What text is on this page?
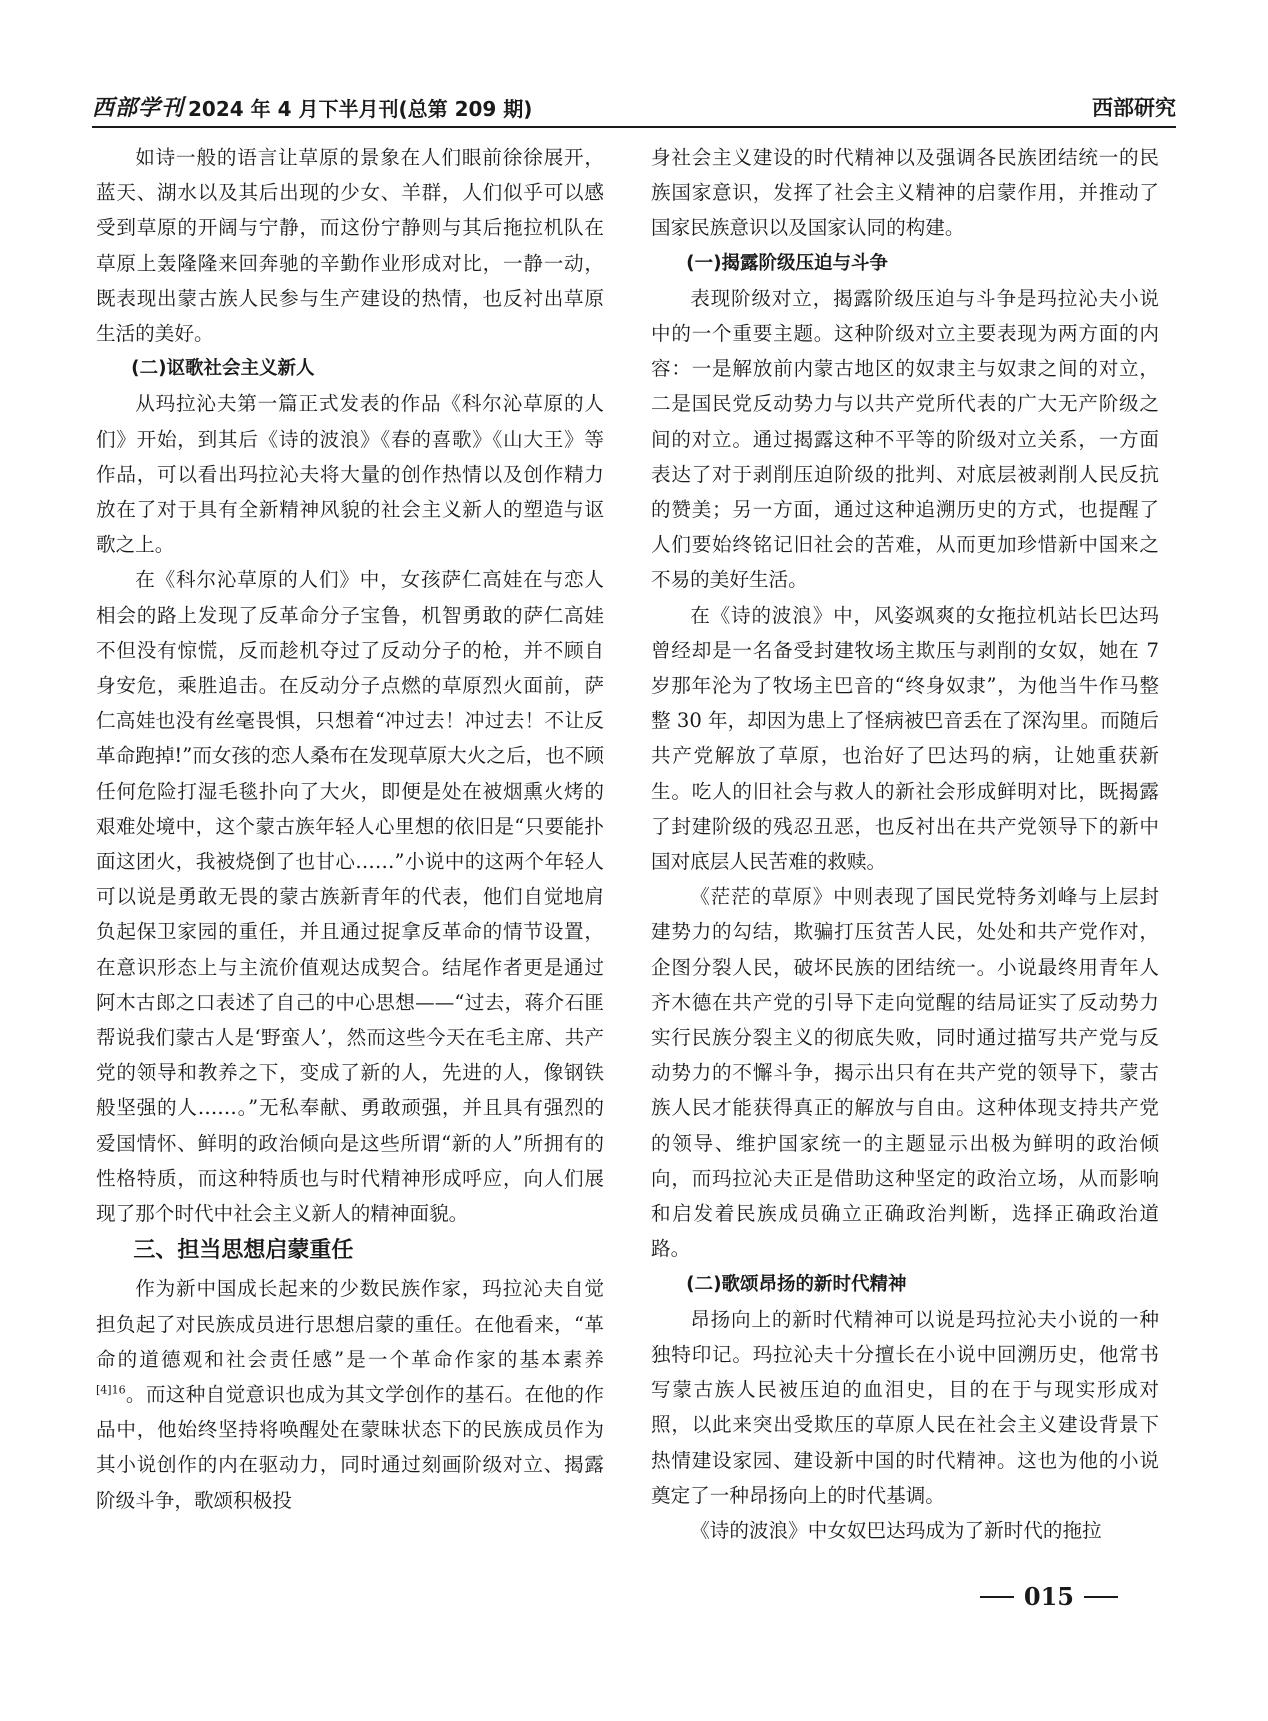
西部学刊 2024 年 4 月下半月刊(总第 209 期)	西部研究

如诗一般的语言让草原的景象在人们眼前徐徐展开，蓝天、湖水以及其后出现的少女、羊群，人们似乎可以感受到草原的开阔与宁静，而这份宁静则与其后拖拉机队在草原上轰隆隆来回奔驰的辛勤作业形成对比，一静一动，既表现出蒙古族人民参与生产建设的热情，也反衬出草原生活的美好。

(二)讴歌社会主义新人

从玛拉沁夫第一篇正式发表的作品《科尔沁草原的人们》开始，到其后《诗的波浪》《春的喜歌》《山大王》等作品，可以看出玛拉沁夫将大量的创作热情以及创作精力放在了对于具有全新精神风貌的社会主义新人的塑造与讴歌之上。

在《科尔沁草原的人们》中，女孩萨仁高娃在与恋人相会的路上发现了反革命分子宝鲁，机智勇敢的萨仁高娃不但没有惊慌，反而趁机夺过了反动分子的枪，并不顾自身安危，乘胜追击。在反动分子点燃的草原烈火面前，萨仁高娃也没有丝毫畏惧，只想着“冲过去！冲过去！不让反革命跑掉!”而女孩的恋人桑布在发现草原大火之后，也不顾任何危险打湿毛毯扑向了大火，即便是处在被烟熏火烤的艰难处境中，这个蒙古族年轻人心里想的依旧是“只要能扑面这团火，我被烧倒了也甘心……”小说中的这两个年轻人可以说是勇敢无畏的蒙古族新青年的代表，他们自觉地肩负起保卫家园的重任，并且通过捉拿反革命的情节设置，在意识形态上与主流价值观达成契合。结尾作者更是通过阿木古郎之口表述了自己的中心思想——“过去，蒋介石匪帮说我们蒙古人是‘野蛮人’，然而这些今天在毛主席、共产党的领导和教养之下，变成了新的人，先进的人，像钢铁般坚强的人……。”无私奉献、勇敢顽强，并且具有强烈的爱国情怀、鲜明的政治倾向是这些所谓“新的人”所拥有的性格特质，而这种特质也与时代精神形成呼应，向人们展现了那个时代中社会主义新人的精神面貌。

三、担当思想启蒙重任

作为新中国成长起来的少数民族作家，玛拉沁夫自觉担负起了对民族成员进行思想启蒙的重任。在他看来，“革命的道德观和社会责任感”是一个革命作家的基本素养$^{[4]16}$。而这种自觉意识也成为其文学创作的基石。在他的作品中，他始终坚持将唤醒处在蒙昧状态下的民族成员作为其小说创作的内在驱动力，同时通过刻画阶级对立、揭露阶级斗争，歌颂积极投

身社会主义建设的时代精神以及强调各民族团结统一的民族国家意识，发挥了社会主义精神的启蒙作用，并推动了国家民族意识以及国家认同的构建。

(一)揭露阶级压迫与斗争

表现阶级对立，揭露阶级压迫与斗争是玛拉沁夫小说中的一个重要主题。这种阶级对立主要表现为两方面的内容：一是解放前内蒙古地区的奴隶主与奴隶之间的对立，二是国民党反动势力与以共产党所代表的广大无产阶级之间的对立。通过揭露这种不平等的阶级对立关系，一方面表达了对于剥削压迫阶级的批判、对底层被剥削人民反抗的赞美；另一方面，通过这种追溯历史的方式，也提醒了人们要始终铭记旧社会的苦难，从而更加珍惜新中国来之不易的美好生活。

在《诗的波浪》中，风姿飒爽的女拖拉机站长巴达玛曾经却是一名备受封建牧场主欺压与剥削的女奴，她在 7 岁那年沦为了牧场主巴音的“终身奴隶”，为他当牛作马整整 30 年，却因为患上了怪病被巴音丢在了深沟里。而随后共产党解放了草原，也治好了巴达玛的病，让她重获新生。吃人的旧社会与救人的新社会形成鲜明对比，既揭露了封建阶级的残忍丑恶，也反衬出在共产党领导下的新中国对底层人民苦难的救赎。

《茫茫的草原》中则表现了国民党特务刘峰与上层封建势力的勾结，欺骗打压贫苦人民，处处和共产党作对，企图分裂人民，破坏民族的团结统一。小说最终用青年人齐木德在共产党的引导下走向觉醒的结局证实了反动势力实行民族分裂主义的彻底失败，同时通过描写共产党与反动势力的不懈斗争，揭示出只有在共产党的领导下，蒙古族人民才能获得真正的解放与自由。这种体现支持共产党的领导、维护国家统一的主题显示出极为鲜明的政治倾向，而玛拉沁夫正是借助这种坚定的政治立场，从而影响和启发着民族成员确立正确政治判断，选择正确政治道路。

(二)歌颂昂扬的新时代精神

昂扬向上的新时代精神可以说是玛拉沁夫小说的一种独特印记。玛拉沁夫十分擅长在小说中回溯历史，他常书写蒙古族人民被压迫的血泪史，目的在于与现实形成对照，以此来突出受欺压的草原人民在社会主义建设背景下热情建设家园、建设新中国的时代精神。这也为他的小说奠定了一种昂扬向上的时代基调。

《诗的波浪》中女奴巴达玛成为了新时代的拖拉

015
